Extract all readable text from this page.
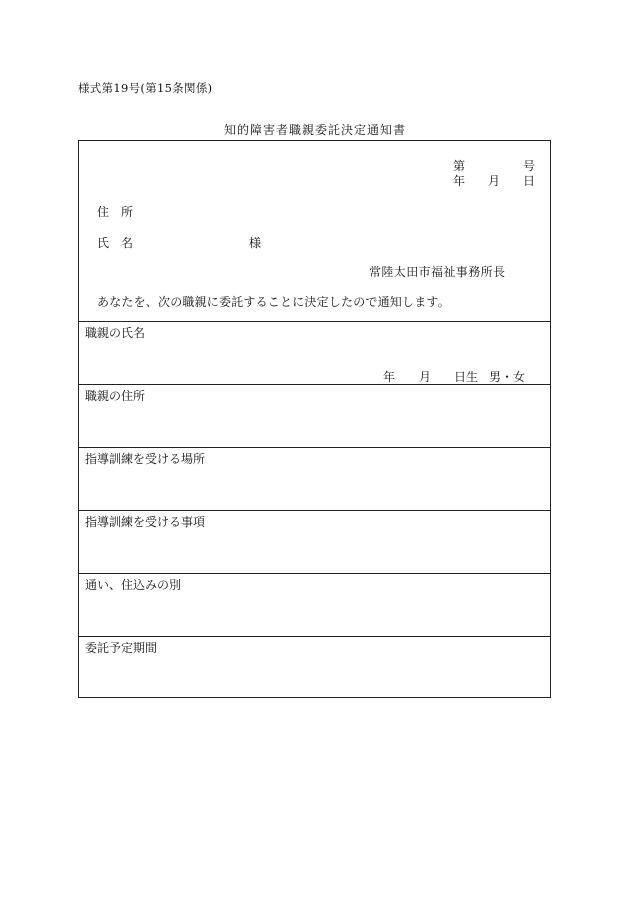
様式第19号(第15条関係)
知的障害者職親委託決定通知書
第	号
年 月 日
住　所
氏　名	様
常陸太田市福祉事務所長
あなたを、次の職親に委託することに決定したので通知します。
職親の氏名
年 月 日生 男・女
職親の住所
指導訓練を受ける場所
指導訓練を受ける事項
通い、住込みの別
委託予定期間
